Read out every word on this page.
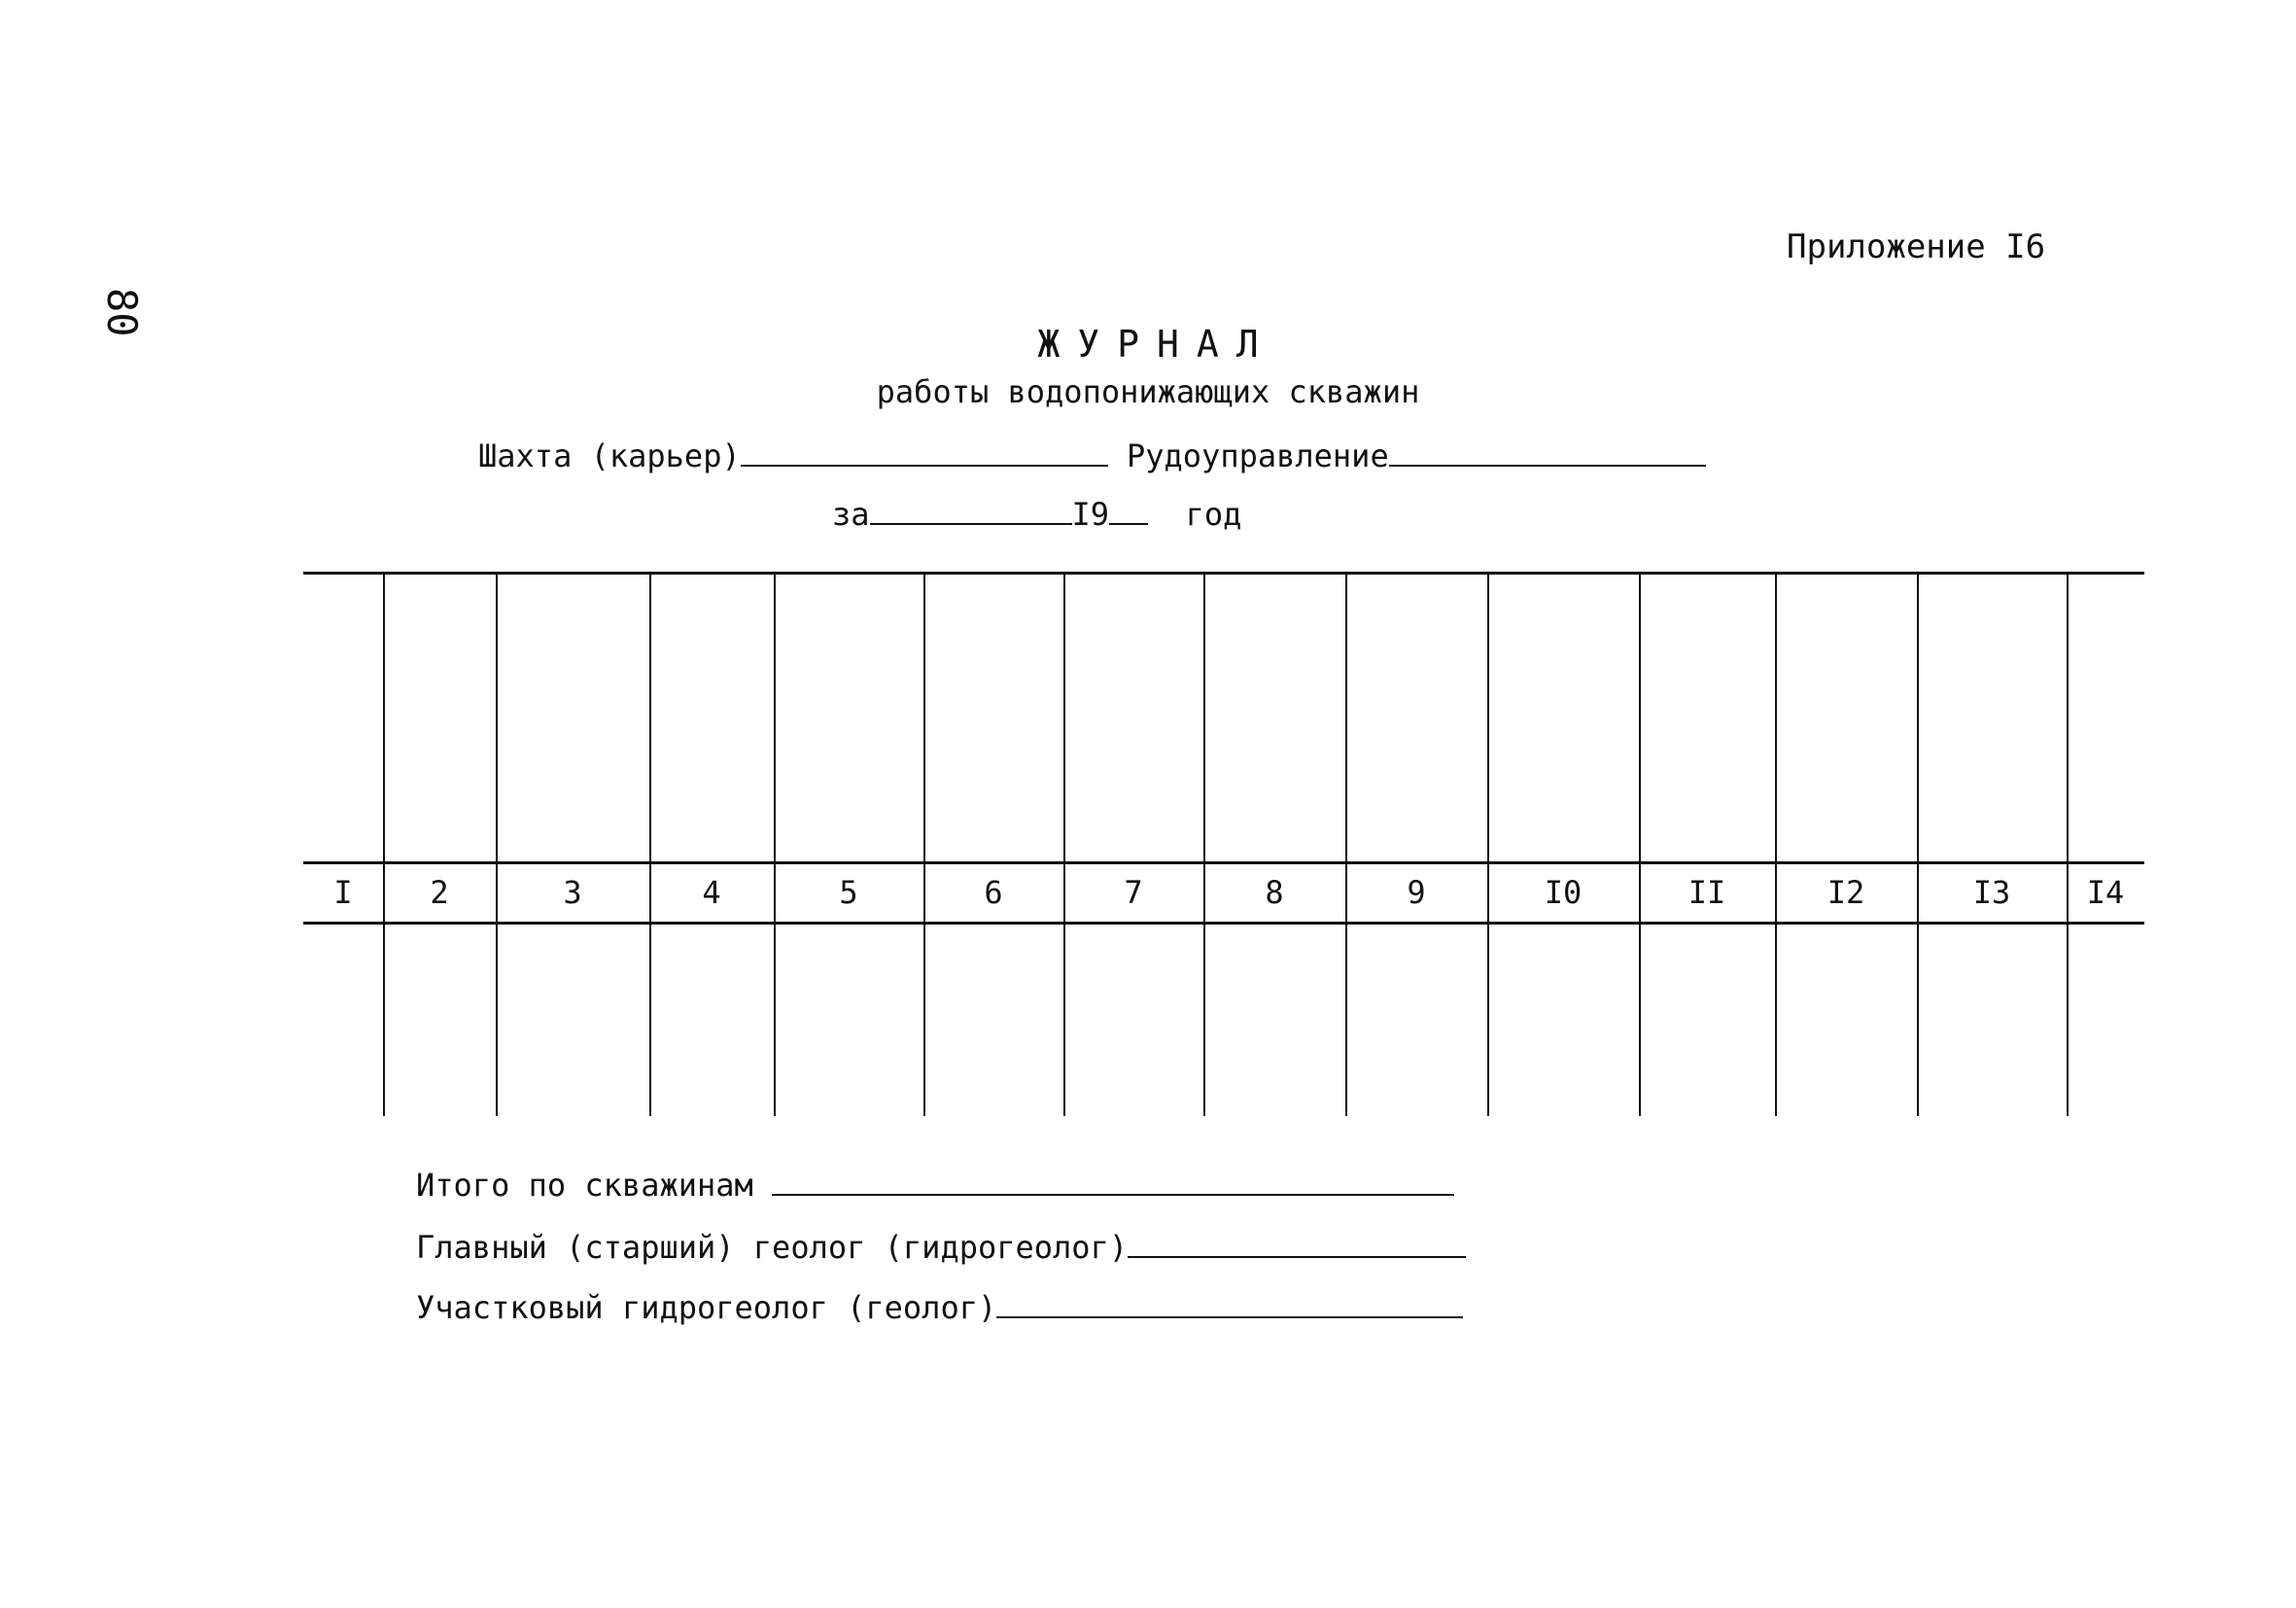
80
Приложение I6
ЖУРНАЛ
работы водопонижающих скважин
Шахта (карьер)	Рудоуправление
за	I9 год
I	2	3	4	5	6	7	8	9	I0	II	I2	I3	I4
Итого по скважинам
Главный (старший) геолог (гидрогеолог)
Участковый гидрогеолог (геолог)
